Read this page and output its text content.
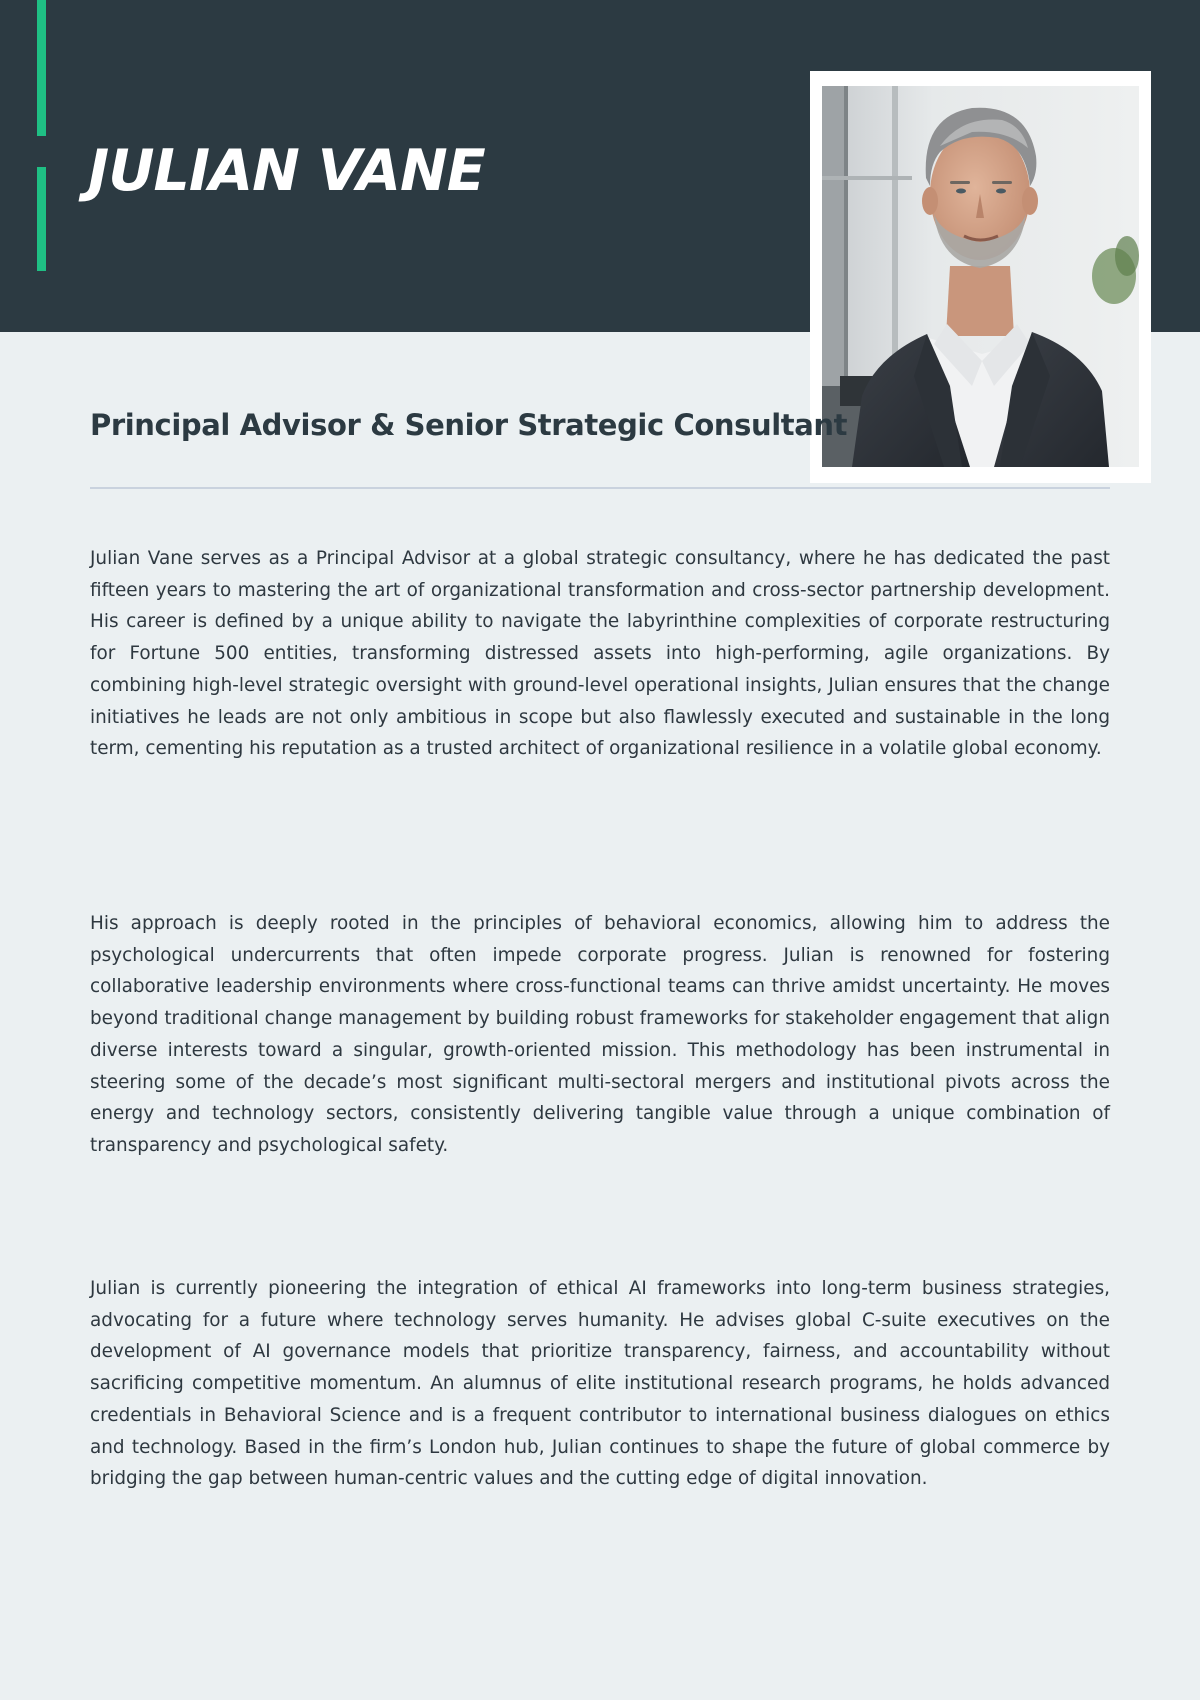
JULIAN VANE
Principal Advisor & Senior Strategic Consultant

Julian Vane serves as a Principal Advisor at a global strategic consultancy, where he has dedicated the past fifteen years to mastering the art of organizational transformation and cross-sector partnership development. His career is defined by a unique ability to navigate the labyrinthine complexities of corporate restructuring for Fortune 500 entities, transforming distressed assets into high-performing, agile organizations. By combining high-level strategic oversight with ground-level operational insights, Julian ensures that the change initiatives he leads are not only ambitious in scope but also flawlessly executed and sustainable in the long term, cementing his reputation as a trusted architect of organizational resilience in a volatile global economy.

His approach is deeply rooted in the principles of behavioral economics, allowing him to address the psychological undercurrents that often impede corporate progress. Julian is renowned for fostering collaborative leadership environments where cross-functional teams can thrive amidst uncertainty. He moves beyond traditional change management by building robust frameworks for stakeholder engagement that align diverse interests toward a singular, growth-oriented mission. This methodology has been instrumental in steering some of the decade’s most significant multi-sectoral mergers and institutional pivots across the energy and technology sectors, consistently delivering tangible value through a unique combination of transparency and psychological safety.

Julian is currently pioneering the integration of ethical AI frameworks into long-term business strategies, advocating for a future where technology serves humanity. He advises global C-suite executives on the development of AI governance models that prioritize transparency, fairness, and accountability without sacrificing competitive momentum. An alumnus of elite institutional research programs, he holds advanced credentials in Behavioral Science and is a frequent contributor to international business dialogues on ethics and technology. Based in the firm’s London hub, Julian continues to shape the future of global commerce by bridging the gap between human-centric values and the cutting edge of digital innovation.
